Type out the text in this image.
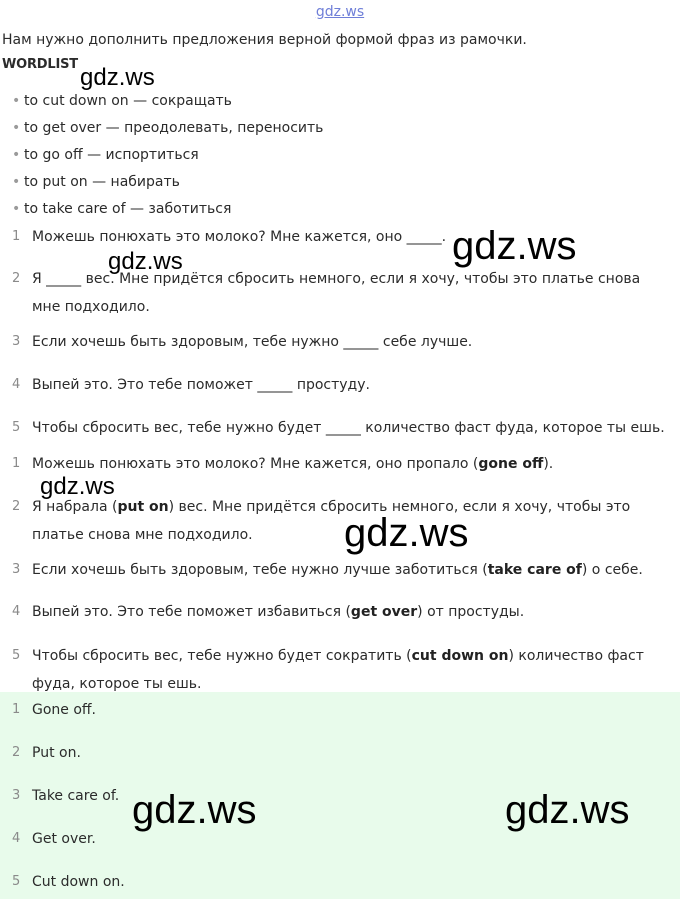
gdz.ws
Нам нужно дополнить предложения верной формой фраз из рамочки.
WORDLIST
• to cut down on — сокращать
• to get over — преодолевать, переносить
• to go off — испортиться
• to put on — набирать
• to take care of — заботиться
1 Можешь понюхать это молоко? Мне кажется, оно _____.
2 Я _____ вес. Мне придётся сбросить немного, если я хочу, чтобы это платье снова
мне подходило.
3 Если хочешь быть здоровым, тебе нужно _____ себе лучше.
4 Выпей это. Это тебе поможет _____ простуду.
5 Чтобы сбросить вес, тебе нужно будет _____ количество фаст фуда, которое ты ешь.
1 Можешь понюхать это молоко? Мне кажется, оно пропало (gone off).
2 Я набрала (put on) вес. Мне придётся сбросить немного, если я хочу, чтобы это
платье снова мне подходило.
3 Если хочешь быть здоровым, тебе нужно лучше заботиться (take care of) о себе.
4 Выпей это. Это тебе поможет избавиться (get over) от простуды.
5 Чтобы сбросить вес, тебе нужно будет сократить (cut down on) количество фаст
фуда, которое ты ешь.
1 Gone off.
2 Put on.
3 Take care of.
4 Get over.
5 Cut down on.
gdz.ws
gdz.ws
gdz.ws
gdz.ws
gdz.ws
gdz.ws	gdz.ws
